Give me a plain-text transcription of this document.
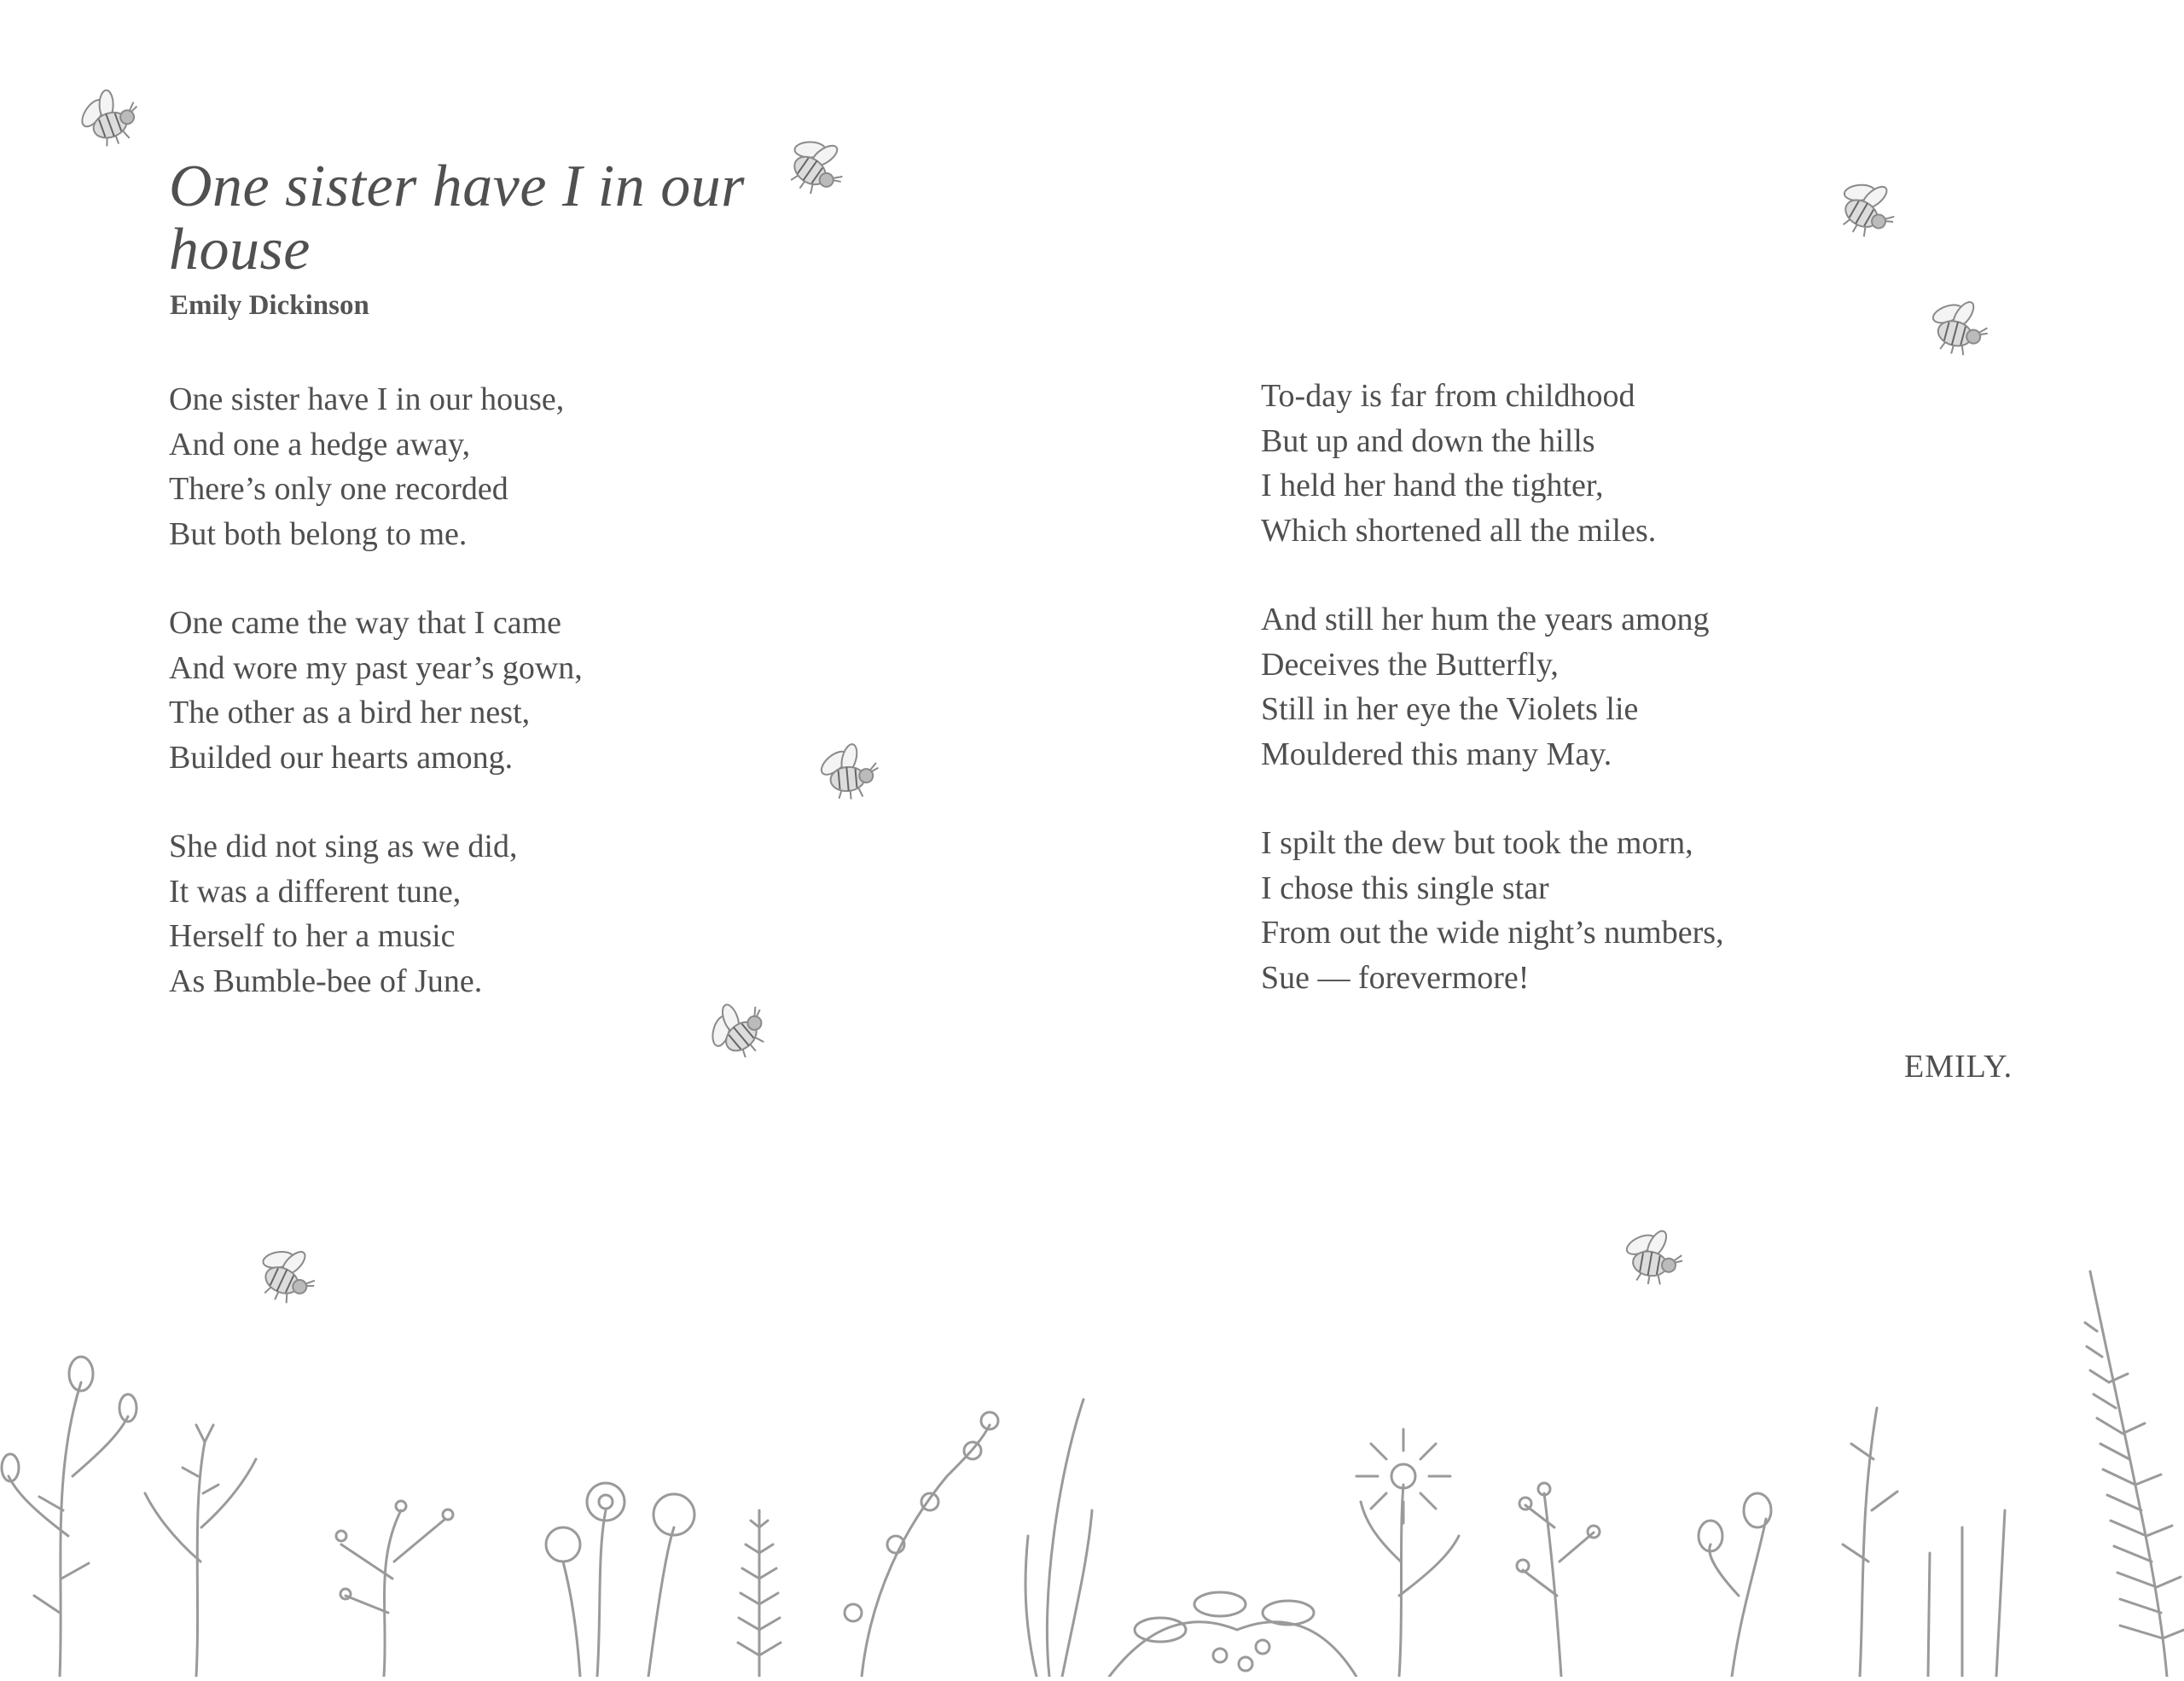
One sister have I in our house
Emily Dickinson

One sister have I in our house,
And one a hedge away,
There’s only one recorded
But both belong to me.

One came the way that I came
And wore my past year’s gown,
The other as a bird her nest,
Builded our hearts among.

She did not sing as we did,
It was a different tune,
Herself to her a music
As Bumble-bee of June.

To-day is far from childhood
But up and down the hills
I held her hand the tighter,
Which shortened all the miles.

And still her hum the years among
Deceives the Butterfly,
Still in her eye the Violets lie
Mouldered this many May.

I spilt the dew but took the morn,
I chose this single star
From out the wide night’s numbers,
Sue — forevermore!

EMILY.
